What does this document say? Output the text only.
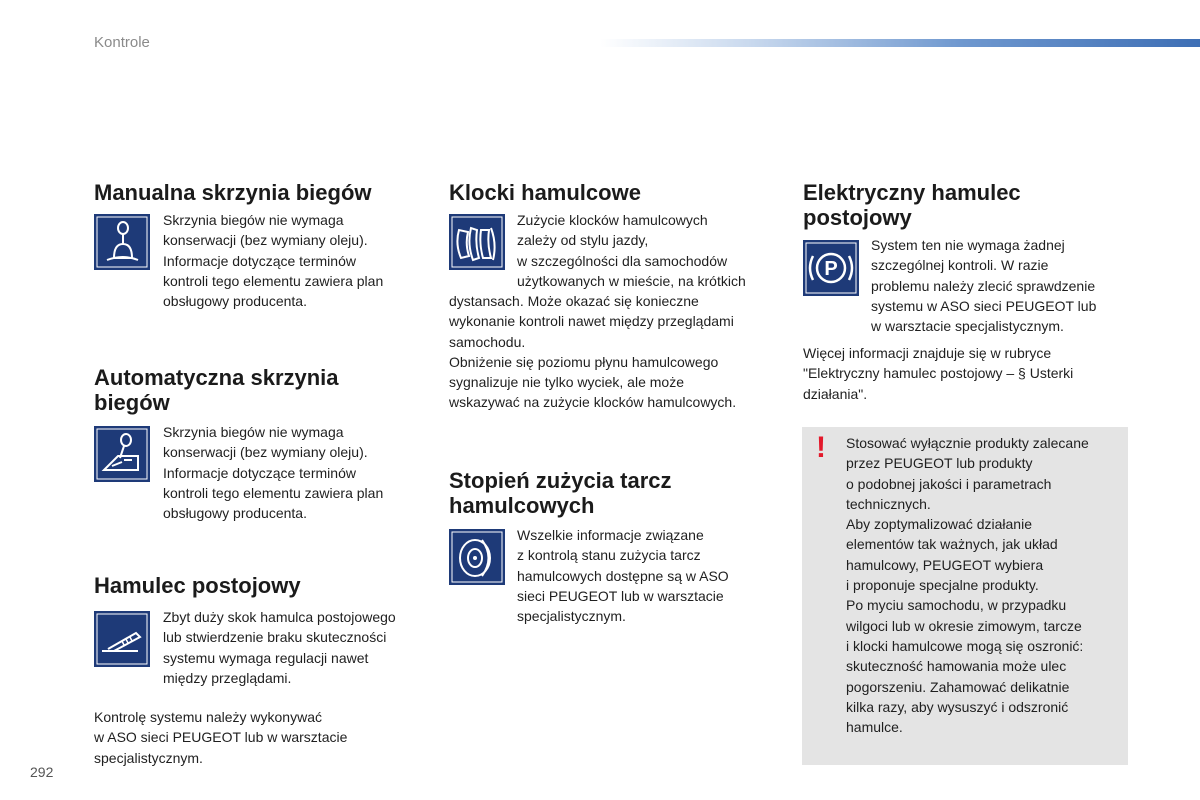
Kontrole
Manualna skrzynia biegów

Skrzynia biegów nie wymaga
konserwacji (bez wymiany oleju).
Informacje dotyczące terminów
kontroli tego elementu zawiera plan
obsługowy producenta.

Automatyczna skrzynia
biegów

Skrzynia biegów nie wymaga
konserwacji (bez wymiany oleju).
Informacje dotyczące terminów
kontroli tego elementu zawiera plan
obsługowy producenta.

Hamulec postojowy

Zbyt duży skok hamulca postojowego
lub stwierdzenie braku skuteczności
systemu wymaga regulacji nawet
między przeglądami.

Kontrolę systemu należy wykonywać
w ASO sieci PEUGEOT lub w warsztacie
specjalistycznym.

Klocki hamulcowe

Zużycie klocków hamulcowych
zależy od stylu jazdy,
w szczególności dla samochodów
użytkowanych w mieście, na krótkich

dystansach. Może okazać się konieczne
wykonanie kontroli nawet między przeglądami
samochodu.
Obniżenie się poziomu płynu hamulcowego
sygnalizuje nie tylko wyciek, ale może
wskazywać na zużycie klocków hamulcowych.

Stopień zużycia tarcz
hamulcowych

Wszelkie informacje związane
z kontrolą stanu zużycia tarcz
hamulcowych dostępne są w ASO
sieci PEUGEOT lub w warsztacie
specjalistycznym.

Elektryczny hamulec
postojowy
P

System ten nie wymaga żadnej
szczególnej kontroli. W razie
problemu należy zlecić sprawdzenie
systemu w ASO sieci PEUGEOT lub
w warsztacie specjalistycznym.

Więcej informacji znajduje się w rubryce
"Elektryczny hamulec postojowy – § Usterki
działania".

! Stosować wyłącznie produkty zalecane
przez PEUGEOT lub produkty
o podobnej jakości i parametrach
technicznych.
Aby zoptymalizować działanie
elementów tak ważnych, jak układ
hamulcowy, PEUGEOT wybiera
i proponuje specjalne produkty.
Po myciu samochodu, w przypadku
wilgoci lub w okresie zimowym, tarcze
i klocki hamulcowe mogą się oszronić:
skuteczność hamowania może ulec
pogorszeniu. Zahamować delikatnie
kilka razy, aby wysuszyć i odszronić
hamulce.

292
